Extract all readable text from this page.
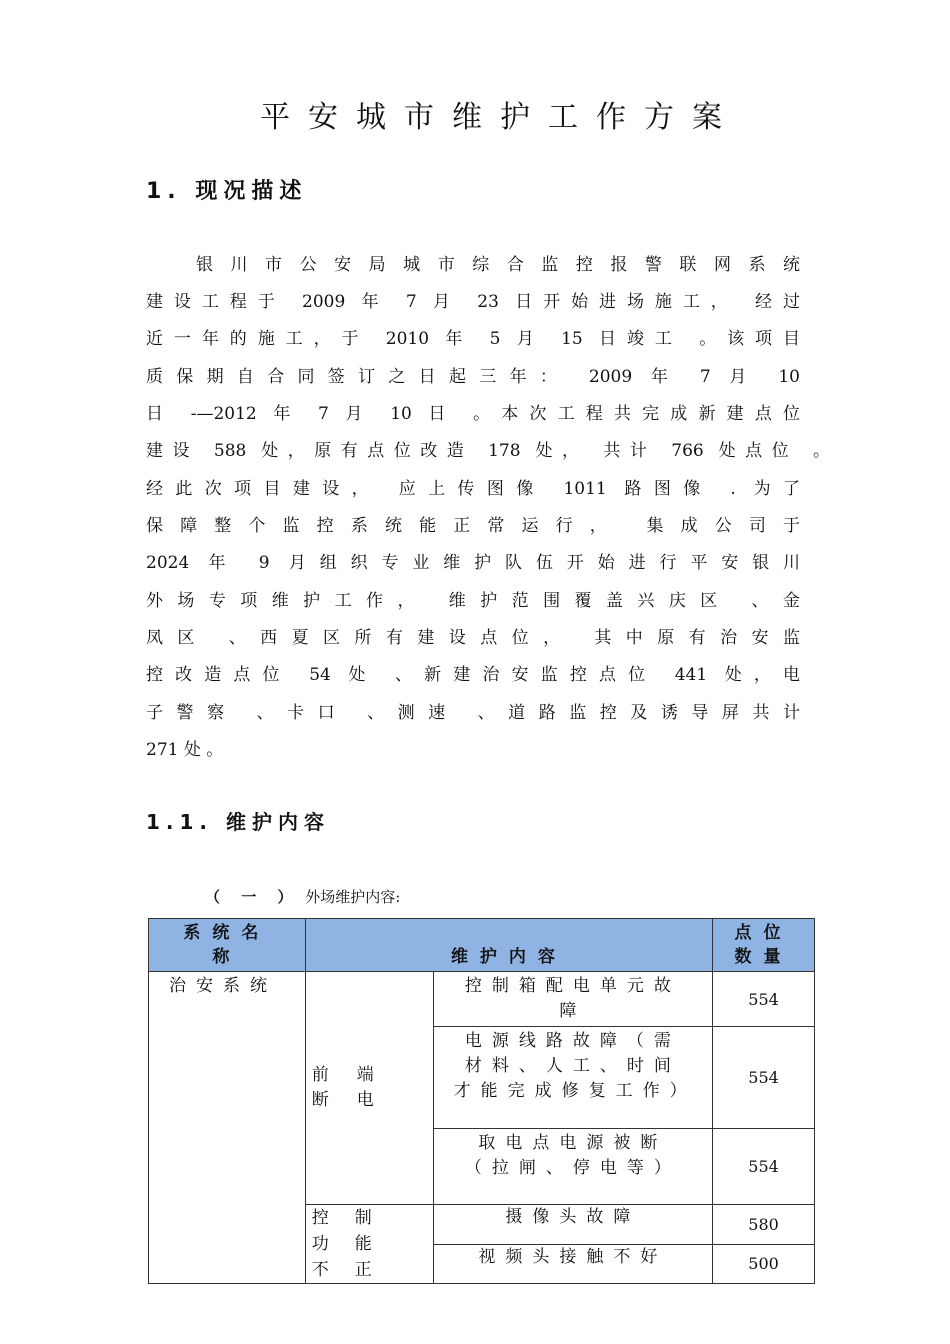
平安城市维护工作方案
1. 现况描述
银川市公安局城市综合监控报警联网系统
建设工程于 2009 年 7 月 23 日开始进场施工， 经过
近一年的施工，于 2010 年 5 月 15 日竣工 。该项目
质保期自合同签订之日起三年： 2009 年 7 月 10
日 -—2012 年 7 月 10 日 。本次工程共完成新建点位
建设 588 处，原有点位改造 178 处， 共计 766 处点位 。
经此次项目建设， 应上传图像 1011 路图像 . 为了
保障整个监控系统能正常运行， 集成公司于
2024 年 9 月组织专业维护队伍开始进行平安银川
外场专项维护工作， 维护范围覆盖兴庆区 、金
凤区 、西夏区所有建设点位， 其中原有治安监
控改造点位 54 处 、新建治安监控点位 441 处，电
子警察 、卡口 、测速 、道路监控及诱导屏共计
271 处 。
1.1. 维护内容
（ 一 ） 外场维护内容:
系统名称	维护内容		点位数量

治安系统	前端断电	控制箱配电单元故障	554

		电源线路故障（需材料、人工、时间才能完成修复工作）	554

		取电点电源被断（拉闸、停电等）	554

	控制功能不正	摄像头故障	580

		视频头接触不好	500
